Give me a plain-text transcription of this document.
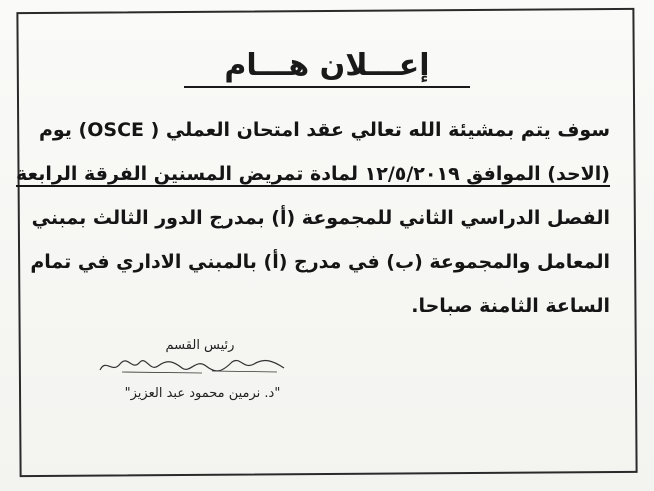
إعـــلان هـــام
سوف يتم بمشيئة الله تعالي عقد امتحان العملي ( OSCE) يوم
(الاحد) الموافق ١٢/٥/٢٠١٩ لمادة تمريض المسنين الفرقة الرابعة
الفصل الدراسي الثاني للمجموعة (أ) بمدرج الدور الثالث بمبني
المعامل والمجموعة (ب) في مدرج (أ) بالمبني الاداري في تمام
الساعة الثامنة صباحا.
رئيس القسم
"د. نرمين محمود عبد العزيز"
